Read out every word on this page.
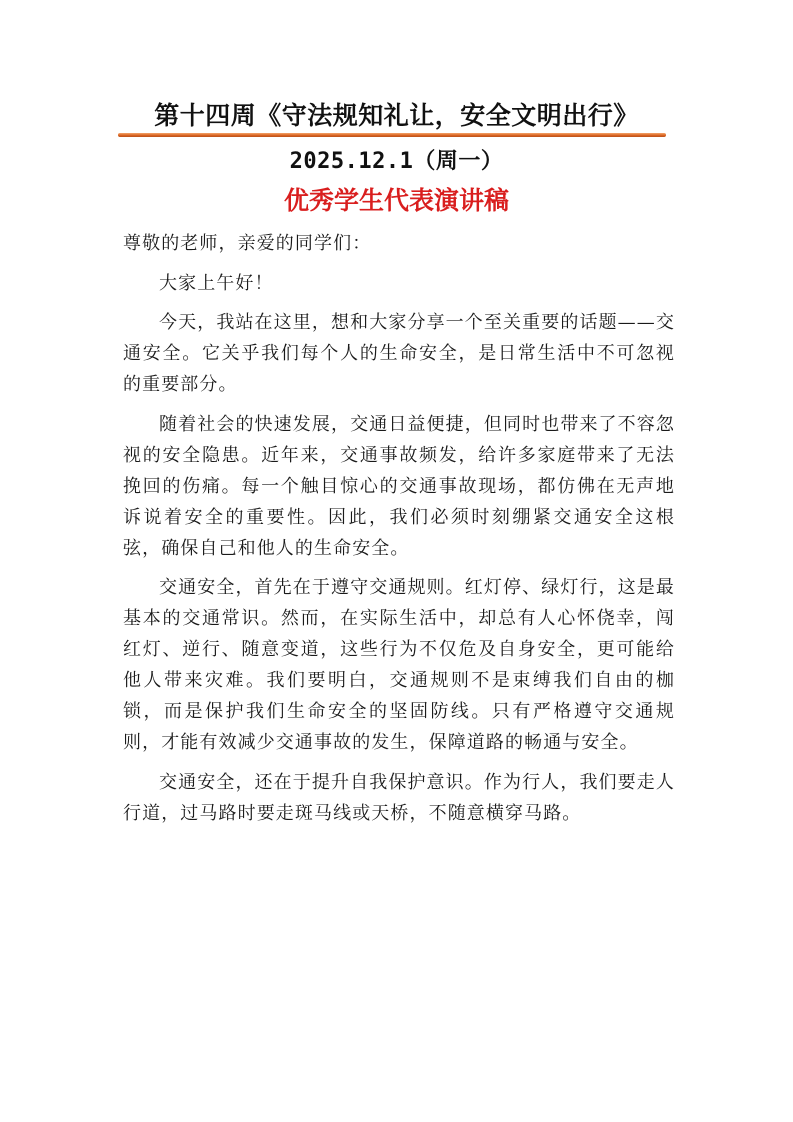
第十四周《守法规知礼让，安全文明出行》
2025.12.1（周一）
优秀学生代表演讲稿

尊敬的老师，亲爱的同学们：

大家上午好！

今天，我站在这里，想和大家分享一个至关重要的话题——交通安全。它关乎我们每个人的生命安全，是日常生活中不可忽视的重要部分。

随着社会的快速发展，交通日益便捷，但同时也带来了不容忽视的安全隐患。近年来，交通事故频发，给许多家庭带来了无法挽回的伤痛。每一个触目惊心的交通事故现场，都仿佛在无声地诉说着安全的重要性。因此，我们必须时刻绷紧交通安全这根弦，确保自己和他人的生命安全。

交通安全，首先在于遵守交通规则。红灯停、绿灯行，这是最基本的交通常识。然而，在实际生活中，却总有人心怀侥幸，闯红灯、逆行、随意变道，这些行为不仅危及自身安全，更可能给他人带来灾难。我们要明白，交通规则不是束缚我们自由的枷锁，而是保护我们生命安全的坚固防线。只有严格遵守交通规则，才能有效减少交通事故的发生，保障道路的畅通与安全。

交通安全，还在于提升自我保护意识。作为行人，我们要走人行道，过马路时要走斑马线或天桥，不随意横穿马路。
